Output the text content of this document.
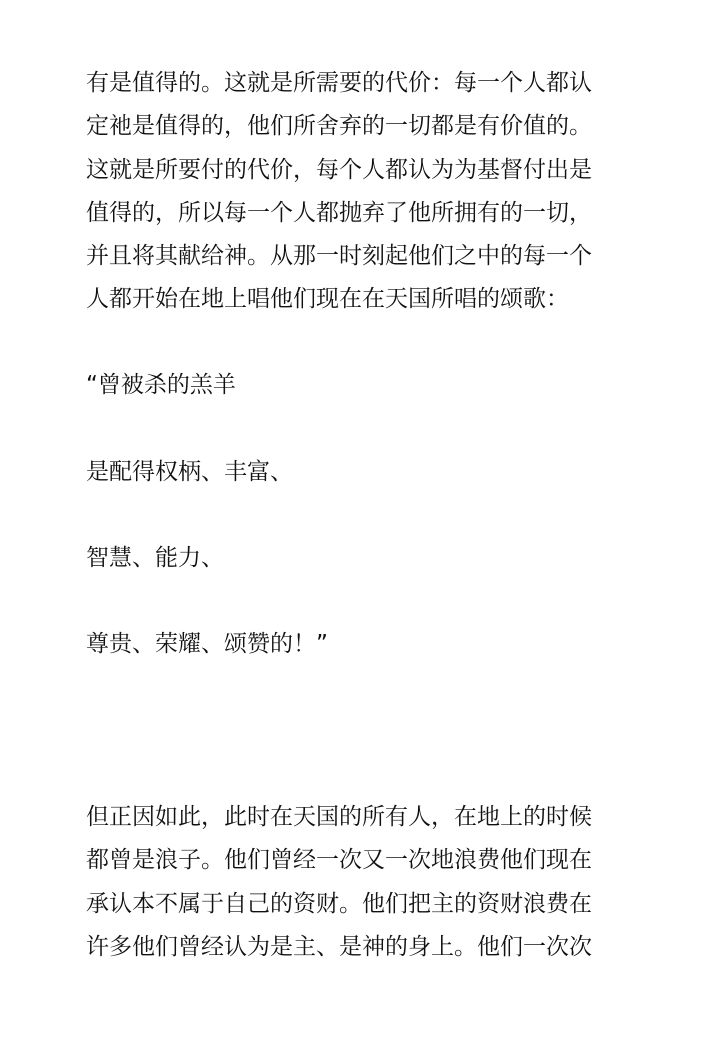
有是值得的。这就是所需要的代价：每一个人都认
定祂是值得的，他们所舍弃的一切都是有价值的。
这就是所要付的代价，每个人都认为为基督付出是
值得的，所以每一个人都抛弃了他所拥有的一切，
并且将其献给神。从那一时刻起他们之中的每一个
人都开始在地上唱他们现在在天国所唱的颂歌：
“曾被杀的羔羊
是配得权柄、丰富、
智慧、能力、
尊贵、荣耀、颂赞的！”
但正因如此，此时在天国的所有人，在地上的时候
都曾是浪子。他们曾经一次又一次地浪费他们现在
承认本不属于自己的资财。他们把主的资财浪费在
许多他们曾经认为是主、是神的身上。他们一次次
